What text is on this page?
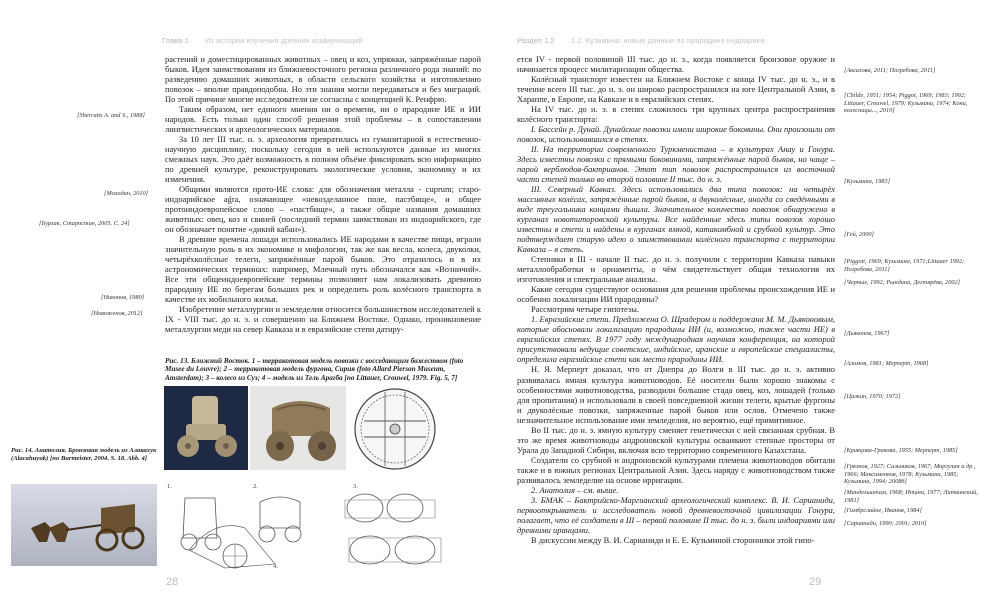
Глава 1 Из истории изучения древних коммуникаций
[Sherratts A. and S., 1988]
[Молодин, 2010]
[Бурлак, Старостин, 2005. С. 24]
[Никонов, 1980]
[Новоженов, 2012]

растений и доместицированных животных – овец и коз, упряжки, запряжённые парой быков. Идея заимствования из ближневосточного региона различного рода знаний: по разведению домашних животных, в области сельского хозяйства и изготовлению повозок – вполне правдоподобна. Но эти знания могли передаваться и без миграций. По этой причине многие исследователи не согласны с концепцией К. Ренфрю.

Таким образом, нет единого мнения ни о времени, ни о прародине ИЕ и ИИ народов. Есть только один способ решения этой проблемы – в сопоставлении лингвистических и археологических материалов.

За 10 лет III тыс. н. э. археология превратилась из гуманитарной в естественно-научную дисциплину, поскольку сегодня в ней используются данные из многих смежных наук. Это даёт возможность в полном объёме фиксировать всю информацию по древней культуре, реконструировать экологические условия, экономику и их изменения.

Общими являются прото-ИЕ слова: для обозначения металла - cuprum; старо-индоарийское aǵra, означающее «невозделанное поле, пастбище», и общее протоиндоевропейское слово – «пастбище», а также общие названия домашних животных: овец, коз и свиней (последний термин заимствован из индоарийского, где он обозначает понятие «дикий кабан»).

В древние времена лошади использовались ИЕ народами в качестве пищи, играли значительную роль в их экономике и мифологии, так же как весла, колеса, двуколки, четырёхколёсные телеги, запряжённые парой быков. Это отразилось и в их астрономических терминах: например, Млечный путь обозначался как «Возничий». Все эти общеиндоевропейские термины позволяют нам локализовать древнюю прародину ИЕ по берегам больших рек и определить роль колёсного транспорта в качестве их мобильного жилья.

Изобретение металлургии и земледелия относится большинством исследователей к IX - VIII тыс. до н. э. и совершенно на Ближнем Востоке. Однако, проникновение металлургии меди на север Кавказа и в евразийские степи датиру-

Рис. 13. Ближний Восток. 1 – терракотовая модель повозки с восседающим божеством (foto Musee du Louvre); 2 – терракотовая модель фургона, Сирия (foto Allard Pierson Museum, Amsterdam); 3 – колесо из Суз; 4 – модель из Тель Арагба [no Littauer, Crouwel, 1979. Fig. 5, 7]
1.	2.
4.
3.
Рис. 14. Анатолия. Бронзовая модель из Алакахук (Alacahuyuk) [no Burmeister, 2004. S. 18. Abb. 4]
28
Раздел 1.2 1.2. Кузьмина: новые данные по прародине индоариев

ется IV - первой половиной III тыс. до н. э., когда появляется бронзовое оружие и начинается процесс милитаризации общества.

Колёсный транспорт известен на Ближнем Востоке с конца IV тыс. до н. э., и в течение всего III тыс. до н. э. он широко распространился на юге Центральной Азии, в Хараппе, в Европе, на Кавказе и в евразийских степях.

На IV тыс. до н. э. в степях сложилось три крупных центра распространения колёсного транспорта:

I. Бассейн р. Дунай. Дунайские повозки имели широкие боковины. Они произошли от повозок, использовавшихся в степях.

II. На территории современного Туркменистана – в культурах Анау и Гонура. Здесь известны повозки с прямыми боковинами, запряжённые парой быков, но чаще – парой верблюдов-бактрианов. Этот тип повозок распространился из восточной части степей только во второй половине II тыс. до н. э.

III. Северный Кавказ. Здесь использовались два типа повозок: на четырёх массивных колёсах, запряжённые парой быков, и двуколёсные, иногда со сведёнными в виде треугольника концами дышла. Значительное количество повозок обнаружено в курганах новотиторовской культуры. Все найденные здесь типы повозок хорошо известны в степи и найдены в курганах ямной, катакомбной и срубной культур. Это подтверждает старую идею о заимствовании колёсного транспорта с территории Кавказа – в степь.

Степняки в III - начале II тыс. до н. э. получили с территории Кавказа навыки металлообработки и орнаменты, о чём свидетельствует общая технология их изготовления и спектральные анализы.

Какие сегодня существуют основания для решения проблемы происхождения ИЕ и особенно локализации ИИ прародины?

Рассмотрим четыре гипотезы.

1. Евразийские степи. Предложена О. Шрадером и поддержана М. М. Дьяконовым, которые обосновали локализацию прародины ИИ (и, возможно, также части ИЕ) в евразийских степях. В 1977 году международная научная конференция, на которой присутствовали ведущие советские, индийские, иранские и европейские специалисты, определила евразийские степи как место прародины ИИ.

Н. Я. Мерперт доказал, что от Днепра до Волги в III тыс. до н. э. активно развивалась ямная культура животноводов. Её носители были хорошо знакомы с особенностями животноводства, разводили большие стада овец, коз, лошадей (только для пропитания) и использовали в своей повседневной жизни телеги, крытые фургоны и двуколёсные повозки, запряженные парой быков или ослов. Отмечено также незначительное использование ими земледелия, но вероятно, ещё примитивное.

Во II тыс. до н. э. ямную культуру сменяет генетически с ней связанная срубная. В это же время животноводы андроновской культуры осваивают степные просторы от Урала до Западной Сибири, включая всю территорию современного Казахстана.

Создатели со срубной и андроновской культурами племена животноводов обитали также и в южных регионах Центральной Азии. Здесь наряду с животноводством также развивалось земледелие на основе ирригации.

2. Анатолия – см. выше.

3. БМАК – Бактрийско-Маргианский археологический комплекс. В. И. Сарианиди, первооткрыватель и исследователь новой древневосточной цивилизации Гонура, полагает, что её создатели в III – первой половине II тыс. до н. э. были индоариями или древними иранцами.

В дискуссии между В. И. Сарианиди и Е. Е. Кузьминой сторонники этой гипо-

[Аксалова, 2011; Погребова, 2011]
[Childe, 1951; 1954; Piggot, 1969; 1983; 1992; Littauer, Crouwel, 1979; Кузьмина, 1974; Кони, колесницы..., 2010]
[Кузьмина, 1983]
[Гей, 2000]
[Piggott, 1969; Кузьмина, 1971;Littauer 1992; Погребова, 2011]
[Черных, 1992; Рындина, Дегтярёва, 2002]
[Дьяконов, 1967]
[Алимов, 1981; Мерперт, 1968]
[Цалкин, 1970; 1972]
[Кривцова-Гракова, 1955; Мерперт, 1985]
[Грязнов, 1927; Сальников, 1967; Маргулан и др., 1966; Максименков, 1978; Кузьмина, 1985; Кузьмина, 1994; 2008б]
[Мандельштам, 1968; Итина, 1977; Литвинский, 1981]
[Гимбрслайне, Иванов, 1984]
[Сарианиди, 1990; 2001; 2010]
29
